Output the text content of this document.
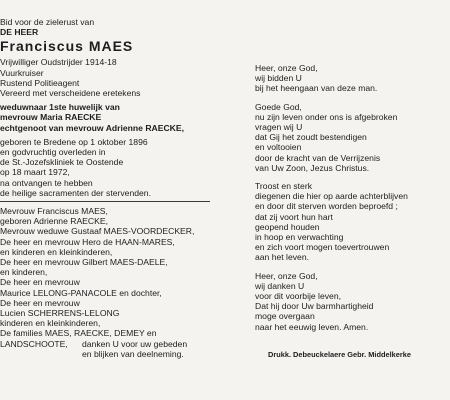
Bid voor de zielerust van
DE HEER
Franciscus MAES
Vrijwilliger Oudstrijder 1914-18
Vuurkruiser
Rustend Politieagent
Vereerd met verscheidene eretekens
weduwnaar 1ste huwelijk van
mevrouw Maria RAECKE
echtgenoot van mevrouw Adrienne RAECKE,
geboren te Bredene op 1 oktober 1896
en godvruchtig overleden in
de St.-Jozefskliniek te Oostende
op 18 maart 1972,
na ontvangen te hebben
de heilige sacramenten der stervenden.
Mevrouw Franciscus MAES,
geboren Adrienne RAECKE,
Mevrouw weduwe Gustaaf MAES-VOORDECKER,
De heer en mevrouw Hero de HAAN-MARES,
en kinderen en kleinkinderen,
De heer en mevrouw Gilbert MAES-DAELE,
en kinderen,
De heer en mevrouw
Maurice LELONG-PANACOLE en dochter,
De heer en mevrouw
Lucien SCHERRENS-LELONG
kinderen en kleinkinderen,
De families MAES, RAECKE, DEMEY en
LANDSCHOOTE,	danken U voor uw gebeden
en blijken van deelneming.
Heer, onze God,
wij bidden U
bij het heengaan van deze man.
Goede God,
nu zijn leven onder ons is afgebroken
vragen wij U
dat Gij het zoudt bestendigen
en voltooien
door de kracht van de Verrijzenis
van Uw Zoon, Jezus Christus.
Troost en sterk
diegenen die hier op aarde achterblijven
en door dit sterven worden beproefd ;
dat zij voort hun hart
geopend houden
in hoop en verwachting
en zich voort mogen toevertrouwen
aan het leven.
Heer, onze God,
wij danken U
voor dit voorbije leven,
Dat hij door Uw barmhartigheid
moge overgaan
naar het eeuwig leven. Amen.
Drukk. Debeuckelaere Gebr. Middelkerke
